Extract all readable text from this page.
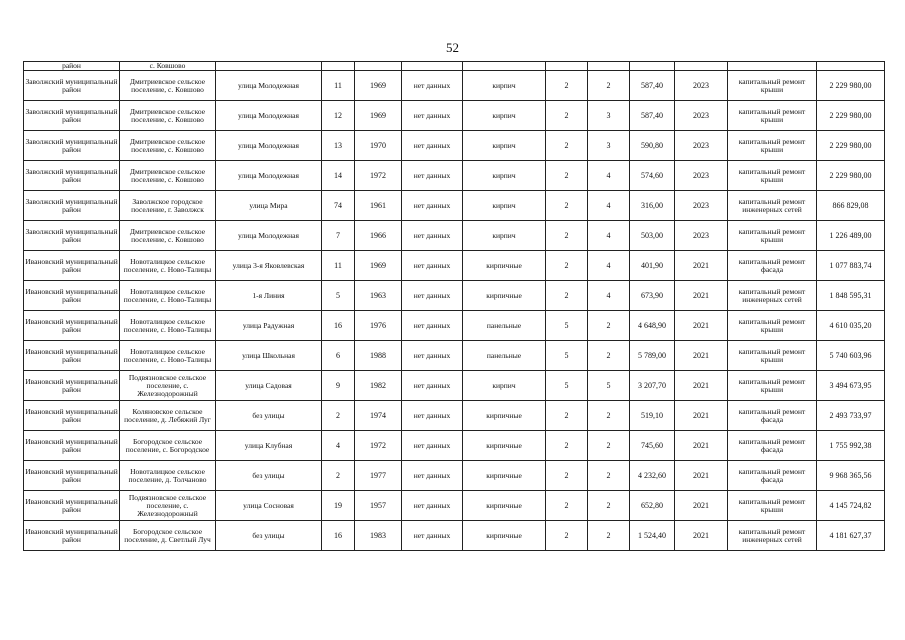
52
район	с. Ковшово											
Заволжский муниципальный район	Дмитриевское сельское поселение, с. Ковшово	улица Молодежная	11	1969	нет данных	кирпич	2	2	587,40	2023	капитальный ремонт крыши	2 229 980,00
Заволжский муниципальный район	Дмитриевское сельское поселение, с. Ковшово	улица Молодежная	12	1969	нет данных	кирпич	2	3	587,40	2023	капитальный ремонт крыши	2 229 980,00
Заволжский муниципальный район	Дмитриевское сельское поселение, с. Ковшово	улица Молодежная	13	1970	нет данных	кирпич	2	3	590,80	2023	капитальный ремонт крыши	2 229 980,00
Заволжский муниципальный район	Дмитриевское сельское поселение, с. Ковшово	улица Молодежная	14	1972	нет данных	кирпич	2	4	574,60	2023	капитальный ремонт крыши	2 229 980,00
Заволжский муниципальный район	Заволжское городское поселение, г. Заволжск	улица Мира	74	1961	нет данных	кирпич	2	4	316,00	2023	капитальный ремонт инженерных сетей	866 829,08
Заволжский муниципальный район	Дмитриевское сельское поселение, с. Ковшово	улица Молодежная	7	1966	нет данных	кирпич	2	4	503,00	2023	капитальный ремонт крыши	1 226 489,00
Ивановский муниципальный район	Новоталицкое сельское поселение, с. Ново-Талицы	улица 3-я Яковлевская	11	1969	нет данных	кирпичные	2	4	401,90	2021	капитальный ремонт фасада	1 077 883,74
Ивановский муниципальный район	Новоталицкое сельское поселение, с. Ново-Талицы	1-я Линия	5	1963	нет данных	кирпичные	2	4	673,90	2021	капитальный ремонт инженерных сетей	1 848 595,31
Ивановский муниципальный район	Новоталицкое сельское поселение, с. Ново-Талицы	улица Радужная	16	1976	нет данных	панельные	5	2	4 648,90	2021	капитальный ремонт крыши	4 610 035,20
Ивановский муниципальный район	Новоталицкое сельское поселение, с. Ново-Талицы	улица Школьная	6	1988	нет данных	панельные	5	2	5 789,00	2021	капитальный ремонт крыши	5 740 603,96
Ивановский муниципальный район	Подвязновское сельское поселение, с. Железнодорожный	улица Садовая	9	1982	нет данных	кирпич	5	5	3 207,70	2021	капитальный ремонт крыши	3 494 673,95
Ивановский муниципальный район	Коляновское сельское поселение, д. Лебяжий Луг	без улицы	2	1974	нет данных	кирпичные	2	2	519,10	2021	капитальный ремонт фасада	2 493 733,97
Ивановский муниципальный район	Богородское сельское поселение, с. Богородское	улица Клубная	4	1972	нет данных	кирпичные	2	2	745,60	2021	капитальный ремонт фасада	1 755 992,38
Ивановский муниципальный район	Новоталицкое сельское поселение, д. Толчаново	без улицы	2	1977	нет данных	кирпичные	2	2	4 232,60	2021	капитальный ремонт фасада	9 968 365,56
Ивановский муниципальный район	Подвязновское сельское поселение, с. Железнодорожный	улица Сосновая	19	1957	нет данных	кирпичные	2	2	652,80	2021	капитальный ремонт крыши	4 145 724,82
Ивановский муниципальный район	Богородское сельское поселение, д. Светлый Луч	без улицы	16	1983	нет данных	кирпичные	2	2	1 524,40	2021	капитальный ремонт инженерных сетей	4 181 627,37
